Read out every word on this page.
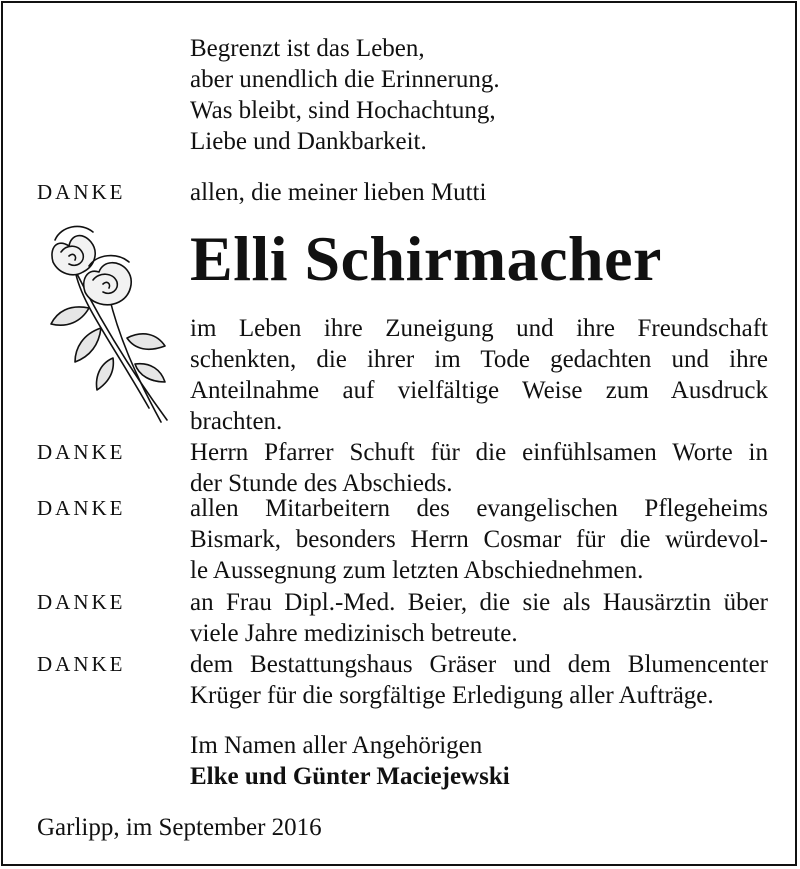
Begrenzt ist das Leben,
aber unendlich die Erinnerung.
Was bleibt, sind Hochachtung,
Liebe und Dankbarkeit.
DANKE	allen, die meiner lieben Mutti
Elli Schirmacher
im Leben ihre Zuneigung und ihre Freundschaft
schenkten, die ihrer im Tode gedachten und ihre
Anteilnahme auf vielfältige Weise zum Ausdruck
brachten.
DANKE	Herrn Pfarrer Schuft für die einfühlsamen Worte in
der Stunde des Abschieds.
DANKE	allen Mitarbeitern des evangelischen Pflegeheims
Bismark, besonders Herrn Cosmar für die würdevol-
le Aussegnung zum letzten Abschiednehmen.
DANKE	an Frau Dipl.-Med. Beier, die sie als Hausärztin über
viele Jahre medizinisch betreute.
DANKE	dem Bestattungshaus Gräser und dem Blumencenter
Krüger für die sorgfältige Erledigung aller Aufträge.
Im Namen aller Angehörigen
Elke und Günter Maciejewski
Garlipp, im September 2016
